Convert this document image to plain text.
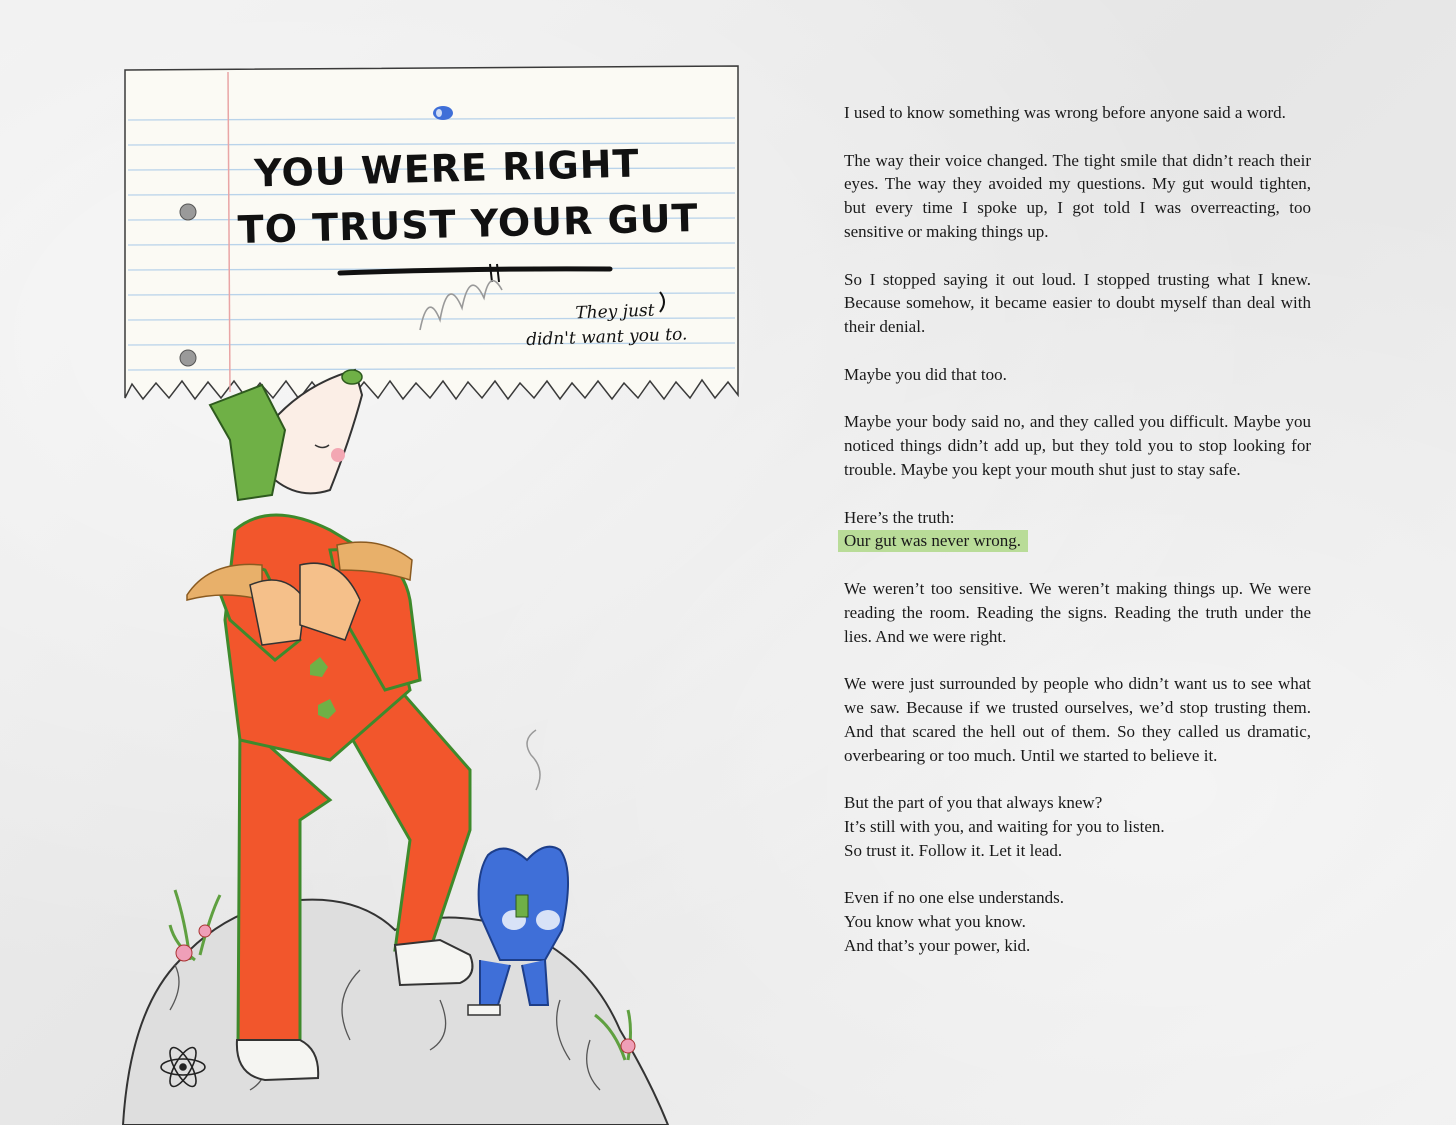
YOU WERE RIGHT
TO TRUST YOUR GUT
They just
didn't want you to.

I used to know something was wrong before anyone said a word.

The way their voice changed. The tight smile that didn’t reach their eyes. The way they avoided my questions. My gut would tighten, but every time I spoke up, I got told I was overreacting, too sensitive or making things up.

So I stopped saying it out loud. I stopped trusting what I knew. Because somehow, it became easier to doubt myself than deal with their denial.

Maybe you did that too.

Maybe your body said no, and they called you difficult. Maybe you noticed things didn’t add up, but they told you to stop looking for trouble. Maybe you kept your mouth shut just to stay safe.

Here’s the truth:
Our gut was never wrong.

We weren’t too sensitive. We weren’t making things up. We were reading the room. Reading the signs. Reading the truth under the lies. And we were right.

We were just surrounded by people who didn’t want us to see what we saw. Because if we trusted ourselves, we’d stop trusting them. And that scared the hell out of them. So they called us dramatic, overbearing or too much. Until we started to believe it.

But the part of you that always knew?
It’s still with you, and waiting for you to listen.
So trust it. Follow it. Let it lead.

Even if no one else understands.
You know what you know.
And that’s your power, kid.
